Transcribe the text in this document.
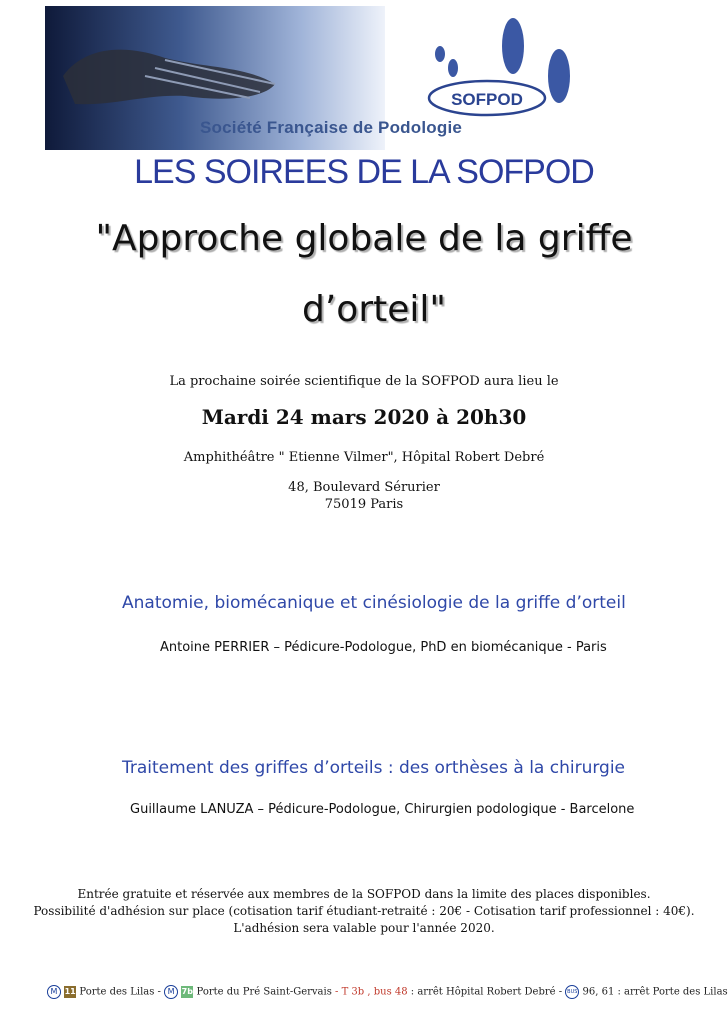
Société Française de Podologie
SOFPOD
LES SOIREES DE LA SOFPOD
"Approche globale de la griffe
d’orteil"
La prochaine soirée scientifique de la SOFPOD aura lieu le
Mardi 24 mars 2020 à 20h30
Amphithéâtre " Etienne Vilmer", Hôpital Robert Debré
48, Boulevard Sérurier
75019 Paris
Anatomie, biomécanique et cinésiologie de la griffe d’orteil
Antoine PERRIER – Pédicure-Podologue, PhD en biomécanique - Paris
Traitement des griffes d’orteils : des orthèses à la chirurgie
Guillaume LANUZA – Pédicure-Podologue, Chirurgien podologique - Barcelone
Entrée gratuite et réservée aux membres de la SOFPOD dans la limite des places disponibles.
Possibilité d'adhésion sur place (cotisation tarif étudiant-retraité : 20€ - Cotisation tarif professionnel : 40€).
L'adhésion sera valable pour l'année 2020.
M 11 Porte des Lilas - M 7b Porte du Pré Saint-Gervais - T 3b , bus 48 : arrêt Hôpital Robert Debré - BUS 96, 61 : arrêt Porte des Lilas
